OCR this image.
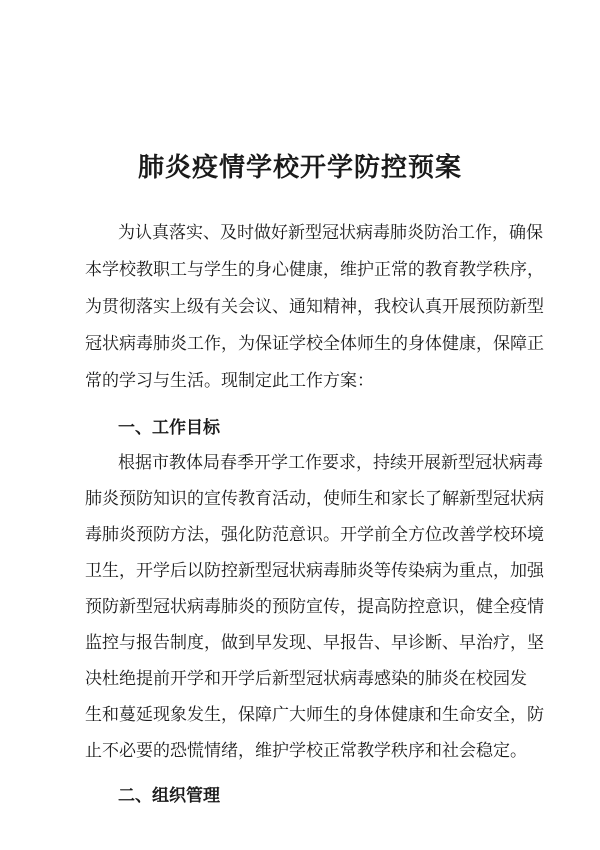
肺炎疫情学校开学防控预案
为认真落实、及时做好新型冠状病毒肺炎防治工作，确保
本学校教职工与学生的身心健康，维护正常的教育教学秩序，
为贯彻落实上级有关会议、通知精神，我校认真开展预防新型
冠状病毒肺炎工作，为保证学校全体师生的身体健康，保障正
常的学习与生活。现制定此工作方案：
一、工作目标
根据市教体局春季开学工作要求，持续开展新型冠状病毒
肺炎预防知识的宣传教育活动，使师生和家长了解新型冠状病
毒肺炎预防方法，强化防范意识。开学前全方位改善学校环境
卫生，开学后以防控新型冠状病毒肺炎等传染病为重点，加强
预防新型冠状病毒肺炎的预防宣传，提高防控意识，健全疫情
监控与报告制度，做到早发现、早报告、早诊断、早治疗，坚
决杜绝提前开学和开学后新型冠状病毒感染的肺炎在校园发
生和蔓延现象发生，保障广大师生的身体健康和生命安全，防
止不必要的恐慌情绪，维护学校正常教学秩序和社会稳定。
二、组织管理
